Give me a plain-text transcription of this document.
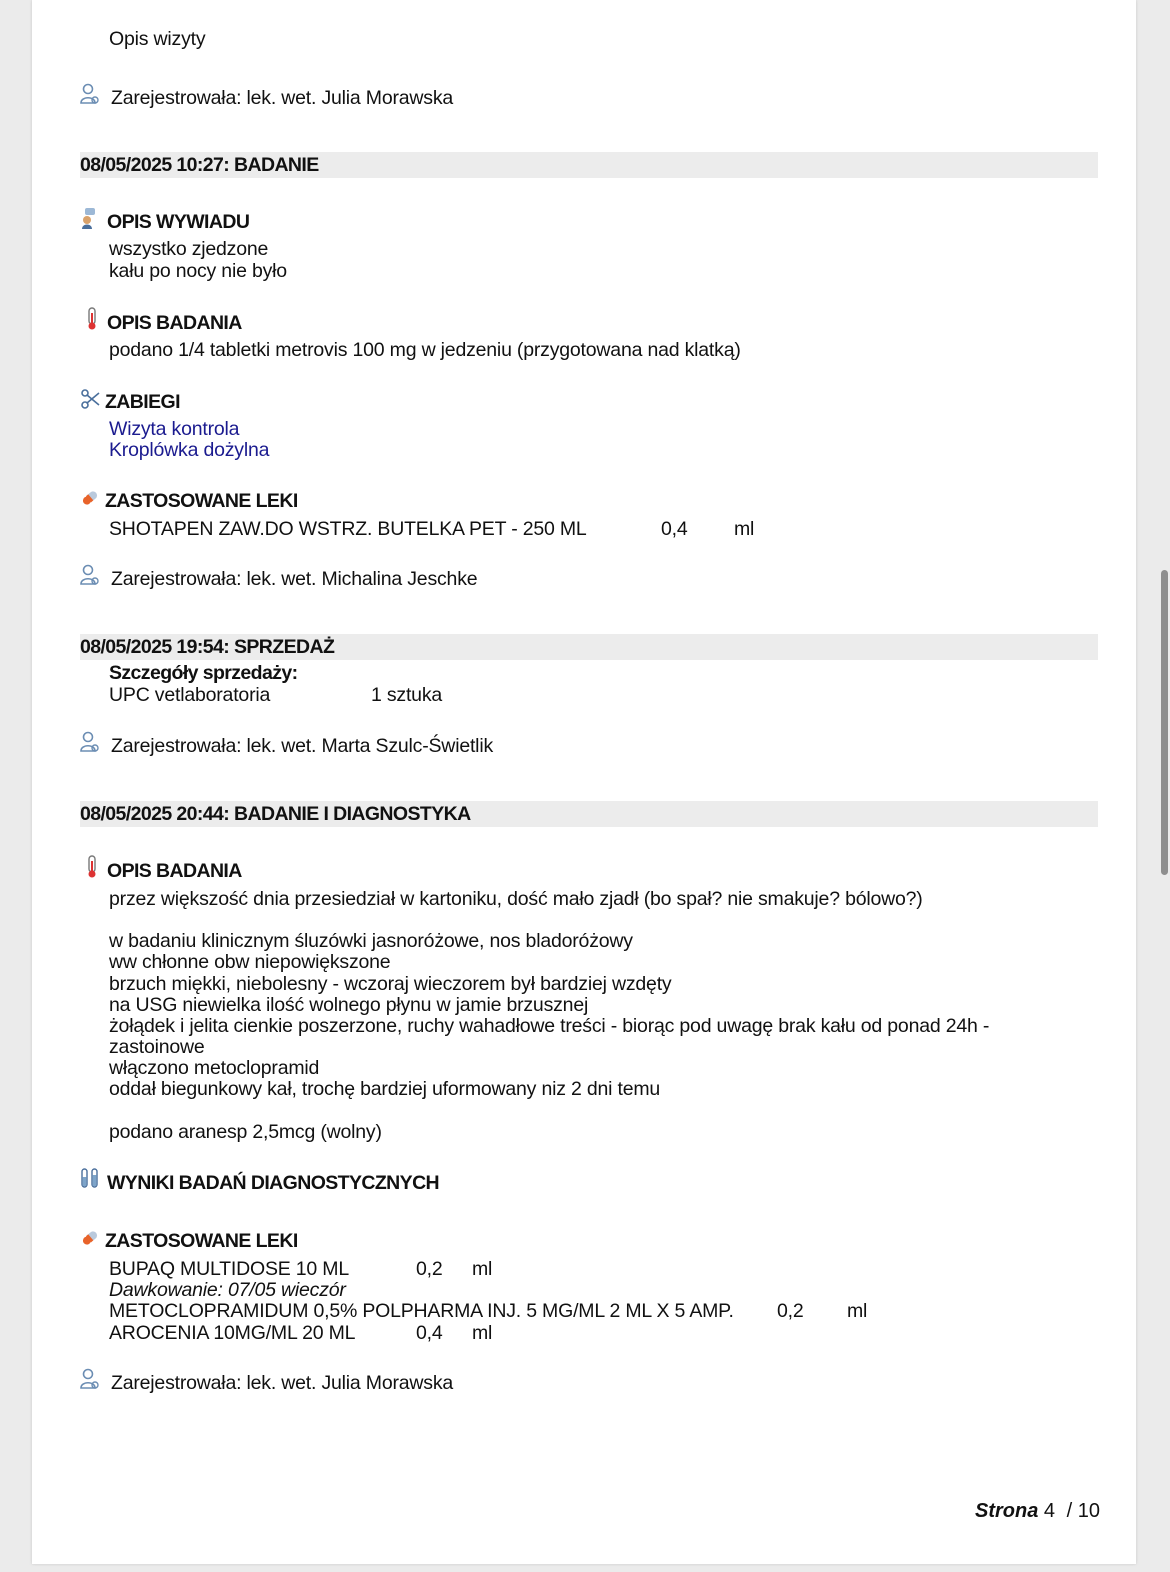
Opis wizyty
Zarejestrowała: lek. wet. Julia Morawska
08/05/2025 10:27: BADANIE
OPIS WYWIADU
wszystko zjedzone
kału po nocy nie było
OPIS BADANIA
podano 1/4 tabletki metrovis 100 mg w jedzeniu (przygotowana nad klatką)
ZABIEGI
Wizyta kontrola
Kroplówka dożylna
ZASTOSOWANE LEKI
SHOTAPEN ZAW.DO WSTRZ. BUTELKA PET - 250 ML	0,4 ml
Zarejestrowała: lek. wet. Michalina Jeschke
08/05/2025 19:54: SPRZEDAŻ
Szczegóły sprzedaży:
UPC vetlaboratoria	1 sztuka
Zarejestrowała: lek. wet. Marta Szulc-Świetlik
08/05/2025 20:44: BADANIE I DIAGNOSTYKA
OPIS BADANIA
przez większość dnia przesiedział w kartoniku, dość mało zjadł (bo spał? nie smakuje? bólowo?)
w badaniu klinicznym śluzówki jasnoróżowe, nos bladoróżowy
ww chłonne obw niepowiększone
brzuch miękki, niebolesny - wczoraj wieczorem był bardziej wzdęty
na USG niewielka ilość wolnego płynu w jamie brzusznej
żołądek i jelita cienkie poszerzone, ruchy wahadłowe treści - biorąc pod uwagę brak kału od ponad 24h -
zastoinowe
włączono metoclopramid
oddał biegunkowy kał, trochę bardziej uformowany niz 2 dni temu
podano aranesp 2,5mcg (wolny)
WYNIKI BADAŃ DIAGNOSTYCZNYCH
ZASTOSOWANE LEKI
BUPAQ MULTIDOSE 10 ML	0,2 ml
Dawkowanie: 07/05 wieczór
METOCLOPRAMIDUM 0,5% POLPHARMA INJ. 5 MG/ML 2 ML X 5 AMP. 0,2 ml
AROCENIA 10MG/ML 20 ML	0,4 ml
Zarejestrowała: lek. wet. Julia Morawska
Strona 4 / 10
